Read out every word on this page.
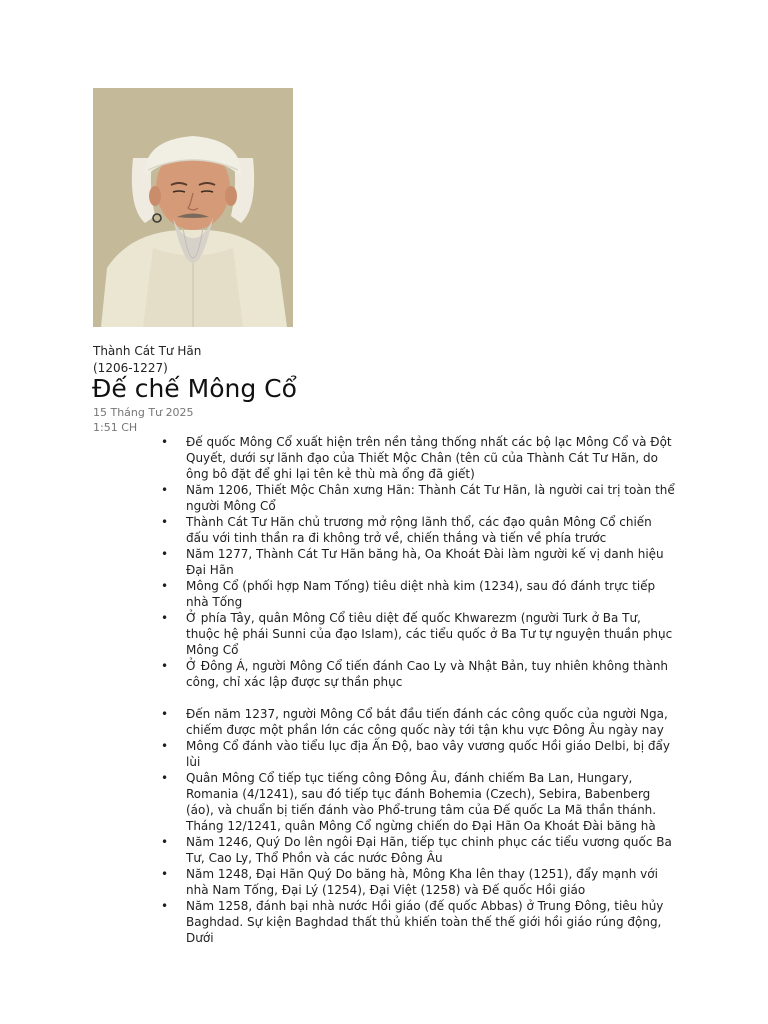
Thành Cát Tư Hãn
(1206-1227)
Đế chế Mông Cổ
15 Tháng Tư 2025
1:51 CH
• Đế quốc Mông Cổ xuất hiện trên nền tảng thống nhất các bộ lạc Mông Cổ và Đột Quyết, dưới sự lãnh đạo của Thiết Mộc Chân (tên cũ của Thành Cát Tư Hãn, do ông bô đặt để ghi lại tên kẻ thù mà ổng đã giết)
• Năm 1206, Thiết Mộc Chân xưng Hãn: Thành Cát Tư Hãn, là người cai trị toàn thể người Mông Cổ
• Thành Cát Tư Hãn chủ trương mở rộng lãnh thổ, các đạo quân Mông Cổ chiến đấu với tinh thần ra đi không trở về, chiến thắng và tiến về phía trước
• Năm 1277, Thành Cát Tư Hãn băng hà, Oa Khoát Đài làm người kế vị danh hiệu Đại Hãn
• Mông Cổ (phối hợp Nam Tống) tiêu diệt nhà kim (1234), sau đó đánh trực tiếp nhà Tống
• Ở phía Tây, quân Mông Cổ tiêu diệt đế quốc Khwarezm (người Turk ở Ba Tư, thuộc hệ phái Sunni của đạo Islam), các tiểu quốc ở Ba Tư tự nguyện thuần phục Mông Cổ
• Ở Đông Á, người Mông Cổ tiến đánh Cao Ly và Nhật Bản, tuy nhiên không thành công, chỉ xác lập được sự thần phục
• Đến năm 1237, người Mông Cổ bắt đầu tiến đánh các công quốc của người Nga, chiếm được một phần lớn các công quốc này tới tận khu vực Đông Âu ngày nay
• Mông Cổ đánh vào tiểu lục địa Ấn Độ, bao vây vương quốc Hồi giáo Delbi, bị đẩy lùi
• Quân Mông Cổ tiếp tục tiếng công Đông Âu, đánh chiếm Ba Lan, Hungary, Romania (4/1241), sau đó tiếp tục đánh Bohemia (Czech), Sebira, Babenberg (áo), và chuẩn bị tiến đánh vào Phổ-trung tâm của Đế quốc La Mã thần thánh. Tháng 12/1241, quân Mông Cổ ngừng chiến do Đại Hãn Oa Khoát Đài băng hà
• Năm 1246, Quý Do lên ngôi Đại Hãn, tiếp tục chinh phục các tiểu vương quốc Ba Tư, Cao Ly, Thổ Phồn và các nước Đông Âu
• Năm 1248, Đại Hãn Quý Do băng hà, Mông Kha lên thay (1251), đẩy mạnh với nhà Nam Tống, Đại Lý (1254), Đại Việt (1258) và Đế quốc Hồi giáo
• Năm 1258, đánh bại nhà nước Hồi giáo (đế quốc Abbas) ở Trung Đông, tiêu hủy Baghdad. Sự kiện Baghdad thất thủ khiến toàn thế thế giới hồi giáo rúng động, Dưới
